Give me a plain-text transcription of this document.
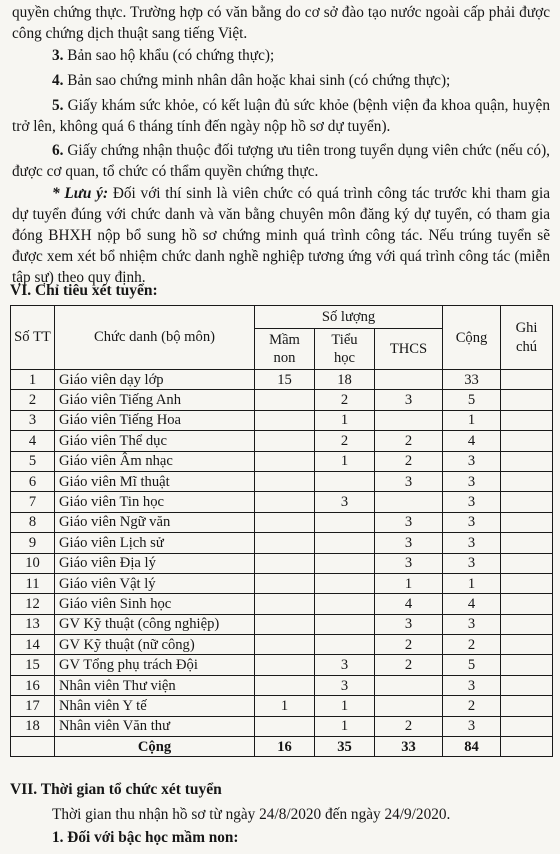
quyền chứng thực. Trường hợp có văn bằng do cơ sở đào tạo nước ngoài cấp phải được công chứng dịch thuật sang tiếng Việt.

3. Bản sao hộ khẩu (có chứng thực);

4. Bản sao chứng minh nhân dân hoặc khai sinh (có chứng thực);

5. Giấy khám sức khỏe, có kết luận đủ sức khỏe (bệnh viện đa khoa quận, huyện trở lên, không quá 6 tháng tính đến ngày nộp hồ sơ dự tuyển).

6. Giấy chứng nhận thuộc đối tượng ưu tiên trong tuyển dụng viên chức (nếu có), được cơ quan, tổ chức có thẩm quyền chứng thực.

* Lưu ý: Đối với thí sinh là viên chức có quá trình công tác trước khi tham gia dự tuyển đúng với chức danh và văn bằng chuyên môn đăng ký dự tuyển, có tham gia đóng BHXH nộp bổ sung hồ sơ chứng minh quá trình công tác. Nếu trúng tuyển sẽ được xem xét bổ nhiệm chức danh nghề nghiệp tương ứng với quá trình công tác (miễn tập sự) theo quy định.

VI. Chỉ tiêu xét tuyển:

Số TT	Chức danh (bộ môn)	Số lượng			Cộng	Ghi chú
		Mầm non	Tiểu học	THCS		
1	Giáo viên dạy lớp	15	18		33	
2	Giáo viên Tiếng Anh		2	3	5	
3	Giáo viên Tiếng Hoa		1		1	
4	Giáo viên Thể dục		2	2	4	
5	Giáo viên Âm nhạc		1	2	3	
6	Giáo viên Mĩ thuật			3	3	
7	Giáo viên Tin học		3		3	
8	Giáo viên Ngữ văn			3	3	
9	Giáo viên Lịch sử			3	3	
10	Giáo viên Địa lý			3	3	
11	Giáo viên Vật lý			1	1	
12	Giáo viên Sinh học			4	4	
13	GV Kỹ thuật (công nghiệp)			3	3	
14	GV Kỹ thuật (nữ công)			2	2	
15	GV Tổng phụ trách Đội		3	2	5	
16	Nhân viên Thư viện		3		3	
17	Nhân viên Y tế	1	1		2	
18	Nhân viên Văn thư		1	2	3	
	Cộng	16	35	33	84	

VII. Thời gian tổ chức xét tuyển

Thời gian thu nhận hồ sơ từ ngày 24/8/2020 đến ngày 24/9/2020.

1. Đối với bậc học mầm non:
